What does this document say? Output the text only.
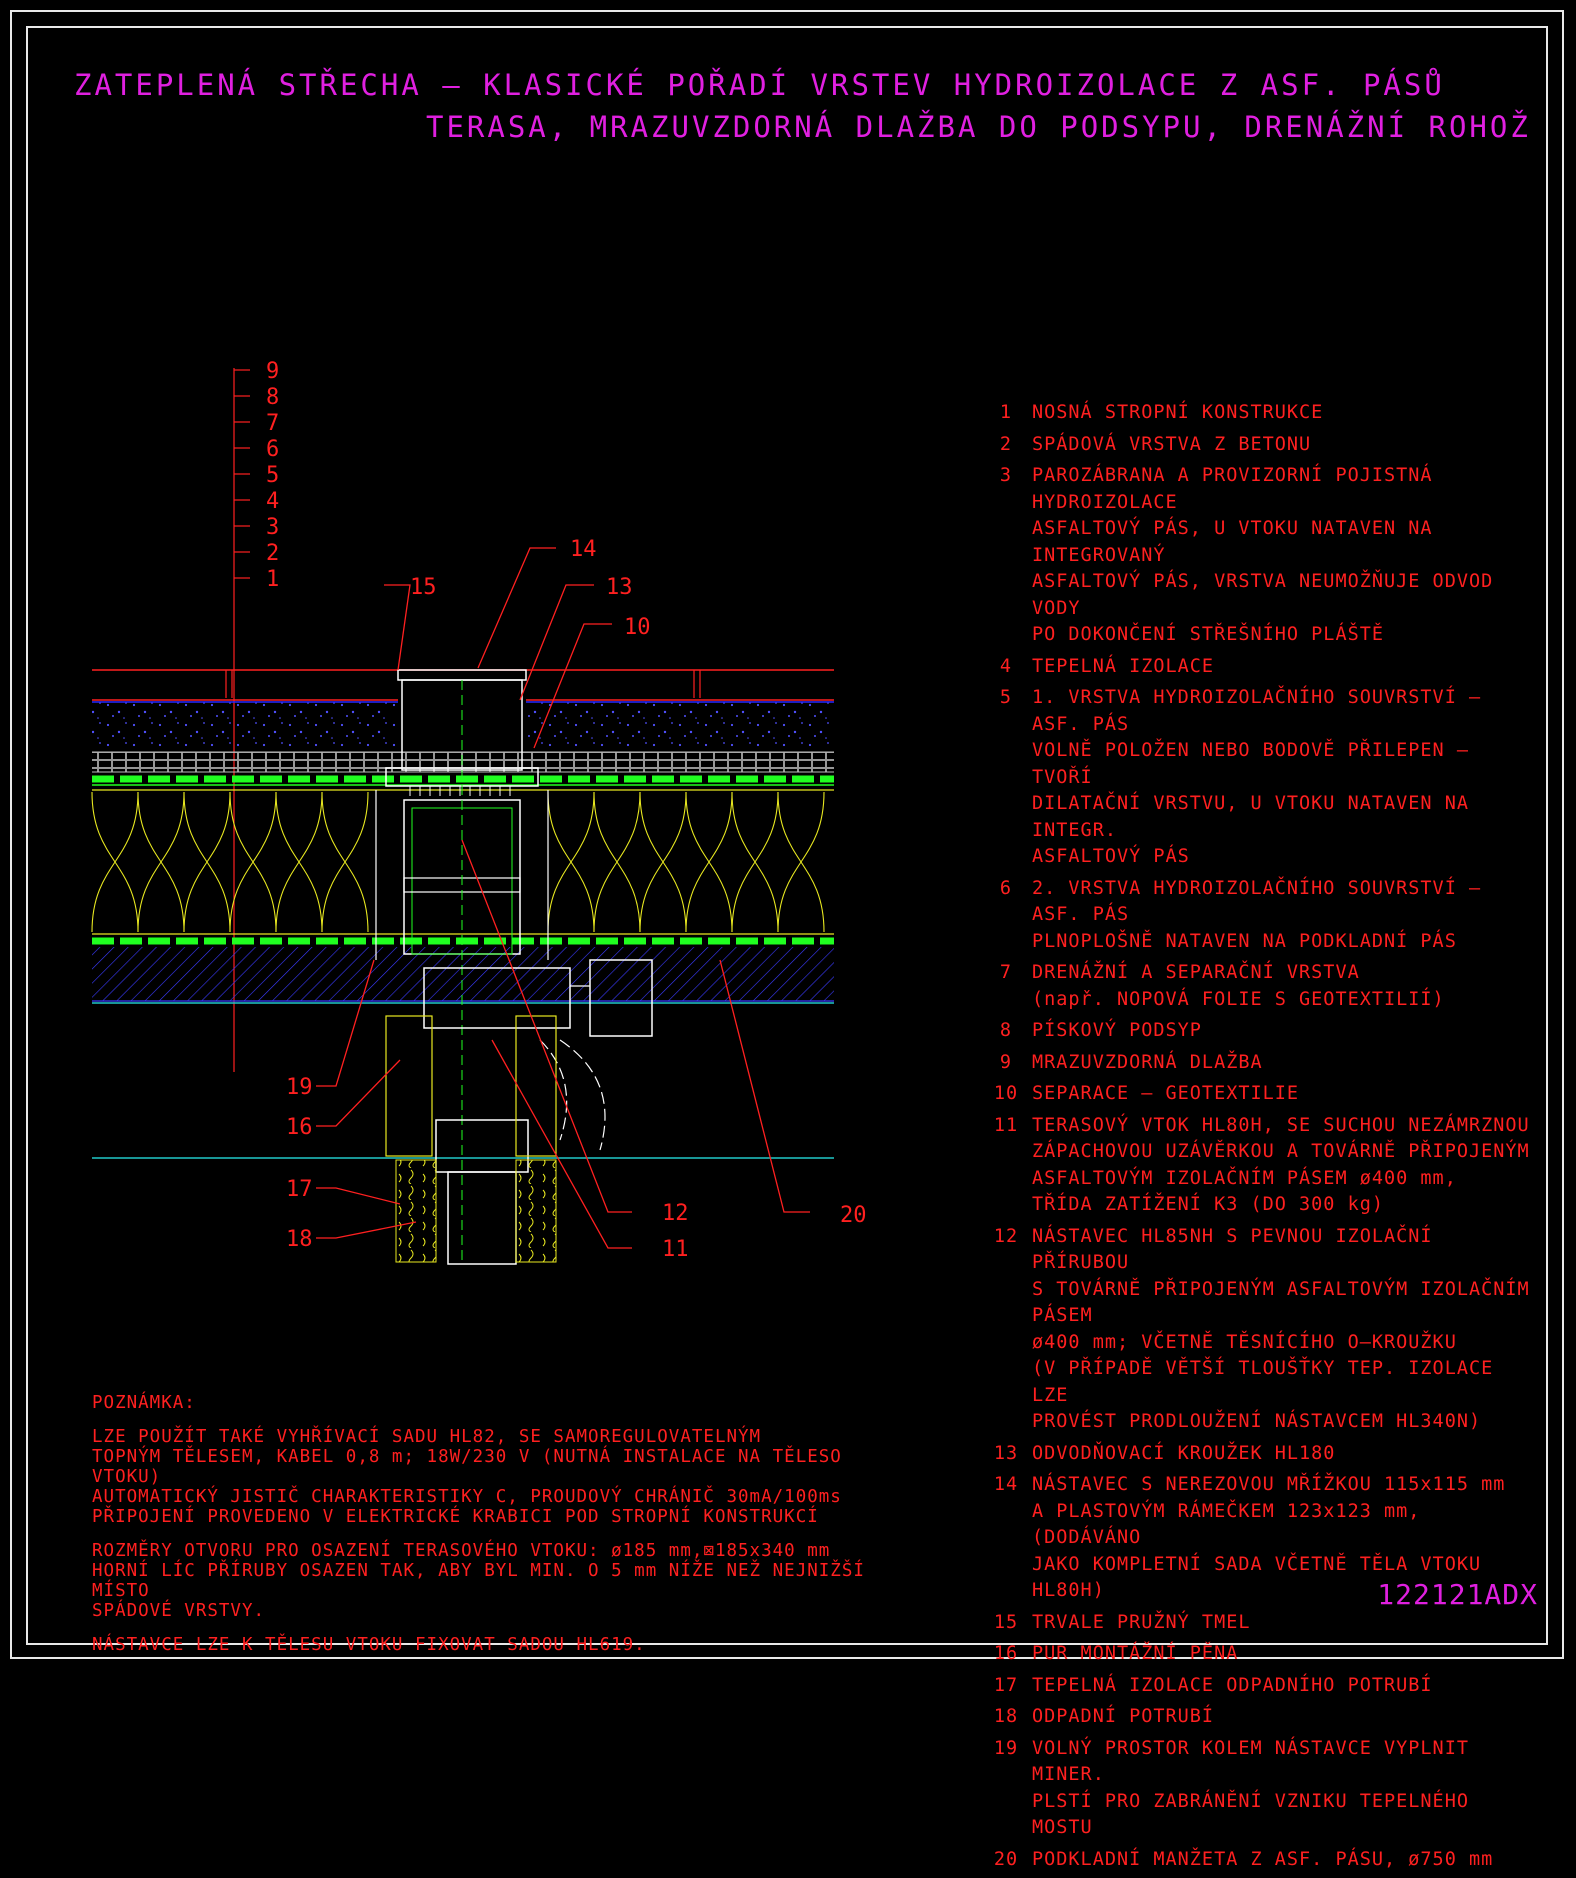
ZATEPLENÁ STŘECHA – KLASICKÉ POŘADÍ VRSTEV HYDROIZOLACE Z ASF. PÁSŮ
TERASA, MRAZUVZDORNÁ DLAŽBA DO PODSYPU, DRENÁŽNÍ ROHOŽ
9
8
7
6
5
4
3
2
1
14
15	13
10
19
16
17
18
12
11
20
1	NOSNÁ STROPNÍ KONSTRUKCE
2	SPÁDOVÁ VRSTVA Z BETONU
3	PAROZÁBRANA A PROVIZORNÍ POJISTNÁ HYDROIZOLACE
ASFALTOVÝ PÁS, U VTOKU NATAVEN NA INTEGROVANÝ
ASFALTOVÝ PÁS, VRSTVA NEUMOŽŇUJE ODVOD VODY
PO DOKONČENÍ STŘEŠNÍHO PLÁŠTĚ
4	TEPELNÁ IZOLACE
5	1. VRSTVA HYDROIZOLAČNÍHO SOUVRSTVÍ – ASF. PÁS
VOLNĚ POLOŽEN NEBO BODOVĚ PŘILEPEN – TVOŘÍ
DILATAČNÍ VRSTVU, U VTOKU NATAVEN NA INTEGR.
ASFALTOVÝ PÁS
6	2. VRSTVA HYDROIZOLAČNÍHO SOUVRSTVÍ – ASF. PÁS
PLNOPLOŠNĚ NATAVEN NA PODKLADNÍ PÁS
7	DRENÁŽNÍ A SEPARAČNÍ VRSTVA
(např. NOPOVÁ FOLIE S GEOTEXTILIÍ)
8	PÍSKOVÝ PODSYP
9	MRAZUVZDORNÁ DLAŽBA
10 SEPARACE – GEOTEXTILIE
11 TERASOVÝ VTOK HL80H, SE SUCHOU NEZÁMRZNOU
ZÁPACHOVOU UZÁVĚRKOU A TOVÁRNĚ PŘIPOJENÝM
ASFALTOVÝM IZOLAČNÍM PÁSEM ø400 mm,
TŘÍDA ZATÍŽENÍ K3 (DO 300 kg)
12 NÁSTAVEC HL85NH S PEVNOU IZOLAČNÍ PŘÍRUBOU
S TOVÁRNĚ PŘIPOJENÝM ASFALTOVÝM IZOLAČNÍM PÁSEM
ø400 mm; VČETNĚ TĚSNÍCÍHO O–KROUŽKU
(V PŘÍPADĚ VĚTŠÍ TLOUŠŤKY TEP. IZOLACE LZE
PROVÉST PRODLOUŽENÍ NÁSTAVCEM HL340N)
13 ODVODŇOVACÍ KROUŽEK HL180
14 NÁSTAVEC S NEREZOVOU MŘÍŽKOU 115x115 mm
A PLASTOVÝM RÁMEČKEM 123x123 mm, (DODÁVÁNO
JAKO KOMPLETNÍ SADA VČETNĚ TĚLA VTOKU HL80H)
15 TRVALE PRUŽNÝ TMEL
16 PUR MONTÁŽNÍ PĚNA
17 TEPELNÁ IZOLACE ODPADNÍHO POTRUBÍ
18 ODPADNÍ POTRUBÍ
19 VOLNÝ PROSTOR KOLEM NÁSTAVCE VYPLNIT MINER.
PLSTÍ PRO ZABRÁNĚNÍ VZNIKU TEPELNÉHO MOSTU
20 PODKLADNÍ MANŽETA Z ASF. PÁSU, ø750 mm

POZNÁMKA:

LZE POUŽÍT TAKÉ VYHŘÍVACÍ SADU HL82, SE SAMOREGULOVATELNÝM
TOPNÝM TĚLESEM, KABEL 0,8 m; 18W/230 V (NUTNÁ INSTALACE NA TĚLESO VTOKU)
AUTOMATICKÝ JISTIČ CHARAKTERISTIKY C, PROUDOVÝ CHRÁNIČ 30mA/100ms
PŘIPOJENÍ PROVEDENO V ELEKTRICKÉ KRABICI POD STROPNÍ KONSTRUKCÍ

ROZMĚRY OTVORU PRO OSAZENÍ TERASOVÉHO VTOKU: ø185 mm,⊠185x340 mm
HORNÍ LÍC PŘÍRUBY OSAZEN TAK, ABY BYL MIN. O 5 mm NÍŽE NEŽ NEJNIŽŠÍ MÍSTO
SPÁDOVÉ VRSTVY.

NÁSTAVCE LZE K TĚLESU VTOKU FIXOVAT SADOU HL619.

122121ADX
